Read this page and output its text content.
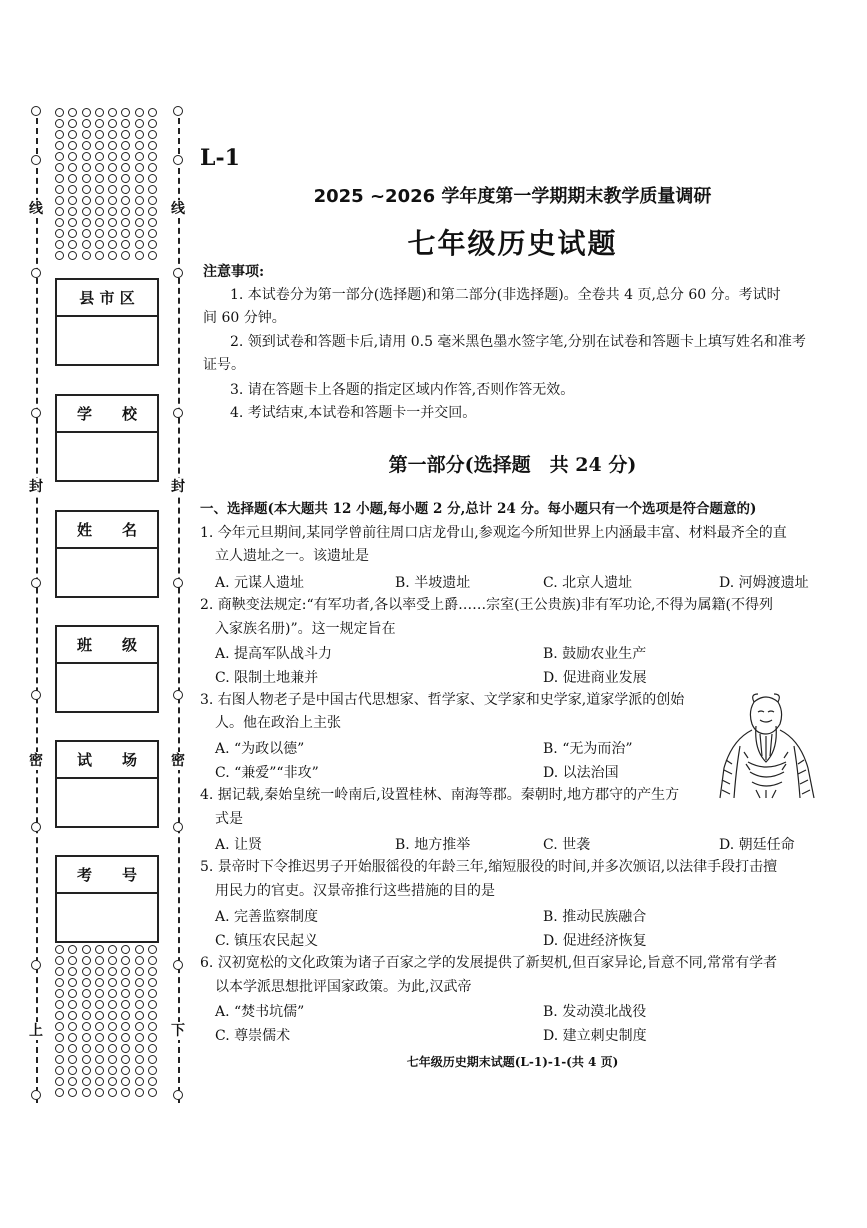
线	线
封	封
密	密
上	下
县 市 区
学　　校
姓　　名
班　　级
试　　场
考　　号
L-1
2025 ~2026 学年度第一学期期末教学质量调研
七年级历史试题
注意事项:
1. 本试卷分为第一部分(选择题)和第二部分(非选择题)。全卷共 4 页,总分 60 分。考试时
间 60 分钟。
2. 领到试卷和答题卡后,请用 0.5 毫米黑色墨水签字笔,分别在试卷和答题卡上填写姓名和准考
证号。
3. 请在答题卡上各题的指定区域内作答,否则作答无效。
4. 考试结束,本试卷和答题卡一并交回。
第一部分(选择题　共 24 分)
一、选择题(本大题共 12 小题,每小题 2 分,总计 24 分。每小题只有一个选项是符合题意的)
1. 今年元旦期间,某同学曾前往周口店龙骨山,参观迄今所知世界上内涵最丰富、材料最齐全的直
立人遗址之一。该遗址是
A. 元谋人遗址	B. 半坡遗址	C. 北京人遗址	D. 河姆渡遗址
2. 商鞅变法规定:“有军功者,各以率受上爵……宗室(王公贵族)非有军功论,不得为属籍(不得列
入家族名册)”。这一规定旨在
A. 提高军队战斗力	B. 鼓励农业生产
C. 限制土地兼并	D. 促进商业发展
3. 右图人物老子是中国古代思想家、哲学家、文学家和史学家,道家学派的创始
人。他在政治上主张
A. “为政以德”	B. “无为而治”
C. “兼爱”“非攻”	D. 以法治国
4. 据记载,秦始皇统一岭南后,设置桂林、南海等郡。秦朝时,地方郡守的产生方
式是
A. 让贤	B. 地方推举	C. 世袭	D. 朝廷任命
5. 景帝时下令推迟男子开始服徭役的年龄三年,缩短服役的时间,并多次颁诏,以法律手段打击擅
用民力的官吏。汉景帝推行这些措施的目的是
A. 完善监察制度	B. 推动民族融合
C. 镇压农民起义	D. 促进经济恢复
6. 汉初宽松的文化政策为诸子百家之学的发展提供了新契机,但百家异论,旨意不同,常常有学者
以本学派思想批评国家政策。为此,汉武帝
A. “焚书坑儒”	B. 发动漠北战役
C. 尊崇儒术	D. 建立刺史制度
七年级历史期末试题(L-1)-1-(共 4 页)
